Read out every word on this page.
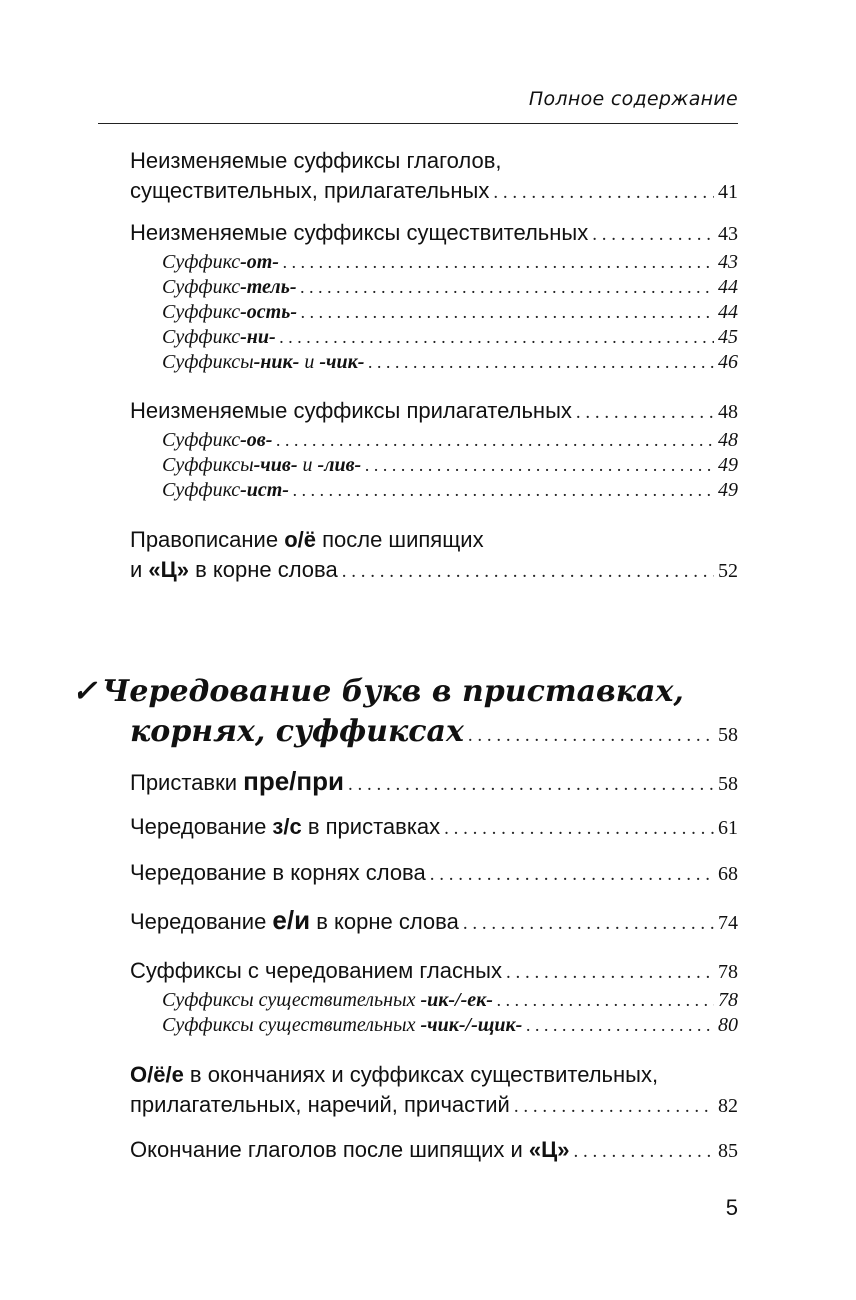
Полное содержание
Неизменяемые суффиксы глаголов,
существительных, прилагательных . . .	41
Неизменяемые суффиксы существительных . . .	43
Суффикс -от- . . .	43
Суффикс -тель- . . .	44
Суффикс -ость- . . .	44
Суффикс -ни- . . .	45
Суффиксы -ник- и -чик- . . .	46
Неизменяемые суффиксы прилагательных . . .	48
Суффикс -ов- . . .	48
Суффиксы -чив- и -лив- . . .	49
Суффикс -ист- . . .	49
Правописание о/ё после шипящих
и «Ц» в корне слова . . .	52
✓ Чередование букв в приставках,
корнях, суффиксах . . .	58
Приставки пре/при . . .	58
Чередование з/с в приставках . . .	61
Чередование в корнях слова . . .	68
Чередование е/и в корне слова . . .	74
Суффиксы с чередованием гласных . . .	78
Суффиксы существительных -ик-/-ек- . . .	78
Суффиксы существительных -чик-/-щик- . . .	80
О/ё/е в окончаниях и суффиксах существительных,
прилагательных, наречий, причастий . . .	82
Окончание глаголов после шипящих и «Ц» . . .	85
5
